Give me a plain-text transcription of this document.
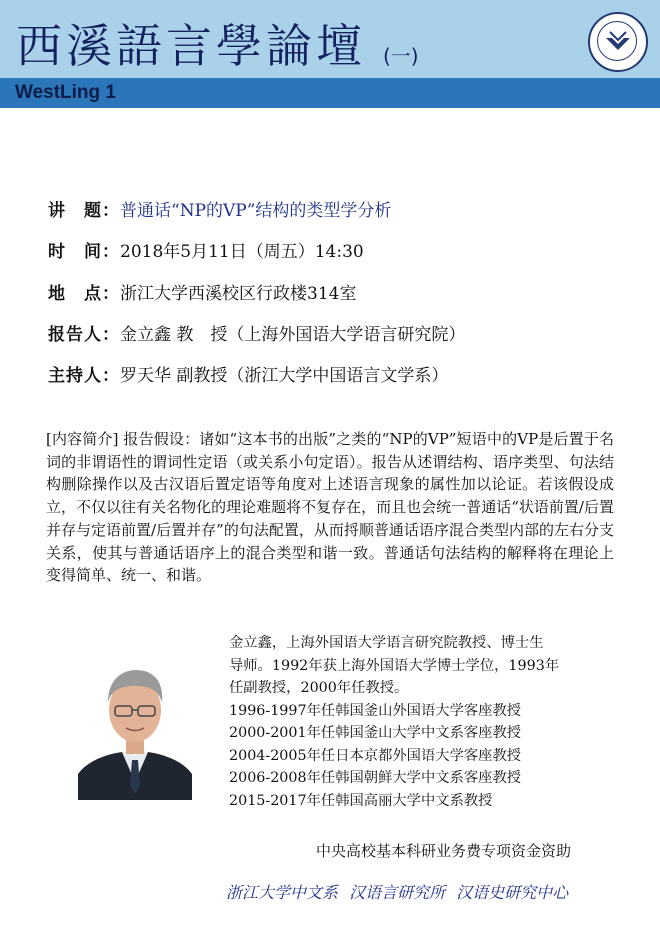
西溪語言學論壇 (一)
WestLing 1
讲　题：普通话“NP的VP”结构的类型学分析
时　间：2018年5月11日（周五）14:30
地　点：浙江大学西溪校区行政楼314室
报告人：金立鑫 教　授（上海外国语大学语言研究院）
主持人：罗天华 副教授（浙江大学中国语言文学系）
[内容简介] 报告假设：诸如“这本书的出版”之类的“NP的VP”短语中的VP是后置于名词的非谓语性的谓词性定语（或关系小句定语）。报告从述谓结构、语序类型、句法结构删除操作以及古汉语后置定语等角度对上述语言现象的属性加以论证。若该假设成立，不仅以往有关名物化的理论难题将不复存在，而且也会统一普通话“状语前置/后置并存与定语前置/后置并存”的句法配置，从而捋顺普通话语序混合类型内部的左右分支关系，使其与普通话语序上的混合类型和谐一致。普通话句法结构的解释将在理论上变得简单、统一、和谐。
金立鑫，上海外国语大学语言研究院教授、博士生
导师。1992年获上海外国语大学博士学位，1993年
任副教授，2000年任教授。
1996-1997年任韩国釜山外国语大学客座教授
2000-2001年任韩国釜山大学中文系客座教授
2004-2005年任日本京都外国语大学客座教授
2006-2008年任韩国朝鲜大学中文系客座教授
2015-2017年任韩国高丽大学中文系教授
中央高校基本科研业务费专项资金资助
浙江大学中文系 汉语言研究所 汉语史研究中心
